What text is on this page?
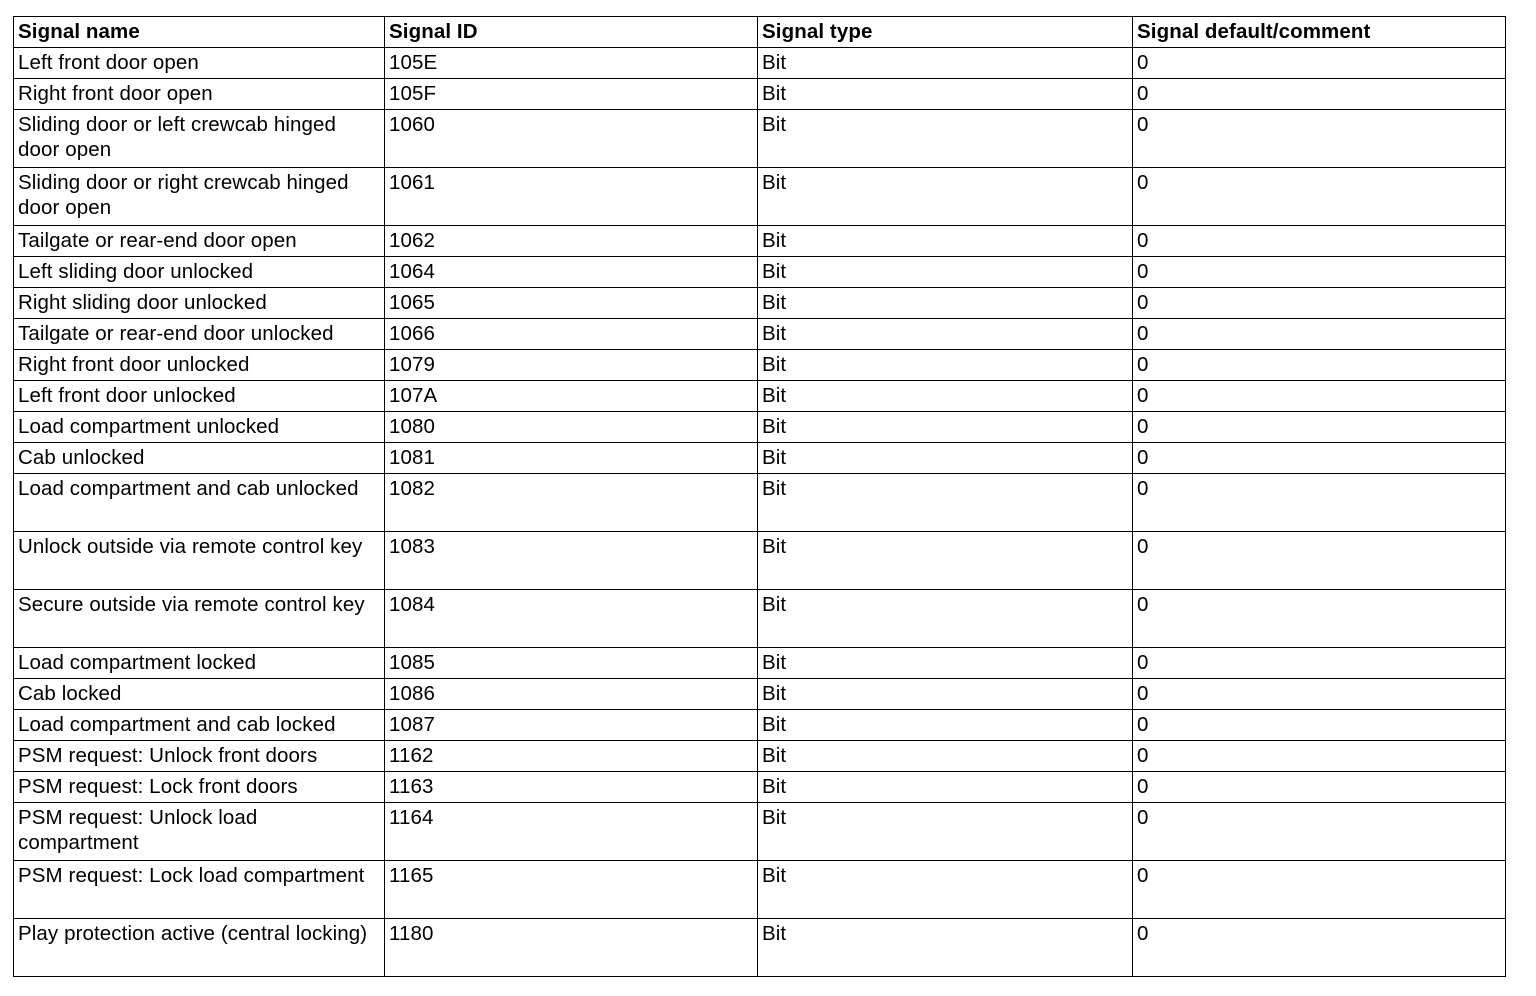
Signal name	Signal ID	Signal type	Signal default/comment
Left front door open	105E	Bit	0
Right front door open	105F	Bit	0
Sliding door or left crewcab hinged door open	1060	Bit	0
Sliding door or right crewcab hinged door open	1061	Bit	0
Tailgate or rear-end door open	1062	Bit	0
Left sliding door unlocked	1064	Bit	0
Right sliding door unlocked	1065	Bit	0
Tailgate or rear-end door unlocked	1066	Bit	0
Right front door unlocked	1079	Bit	0
Left front door unlocked	107A	Bit	0
Load compartment unlocked	1080	Bit	0
Cab unlocked	1081	Bit	0
Load compartment and cab unlocked	1082	Bit	0
Unlock outside via remote control key	1083	Bit	0
Secure outside via remote control key	1084	Bit	0
Load compartment locked	1085	Bit	0
Cab locked	1086	Bit	0
Load compartment and cab locked	1087	Bit	0
PSM request: Unlock front doors	1162	Bit	0
PSM request: Lock front doors	1163	Bit	0
PSM request: Unlock load compartment	1164	Bit	0
PSM request: Lock load compartment	1165	Bit	0
Play protection active (central locking)	1180	Bit	0
